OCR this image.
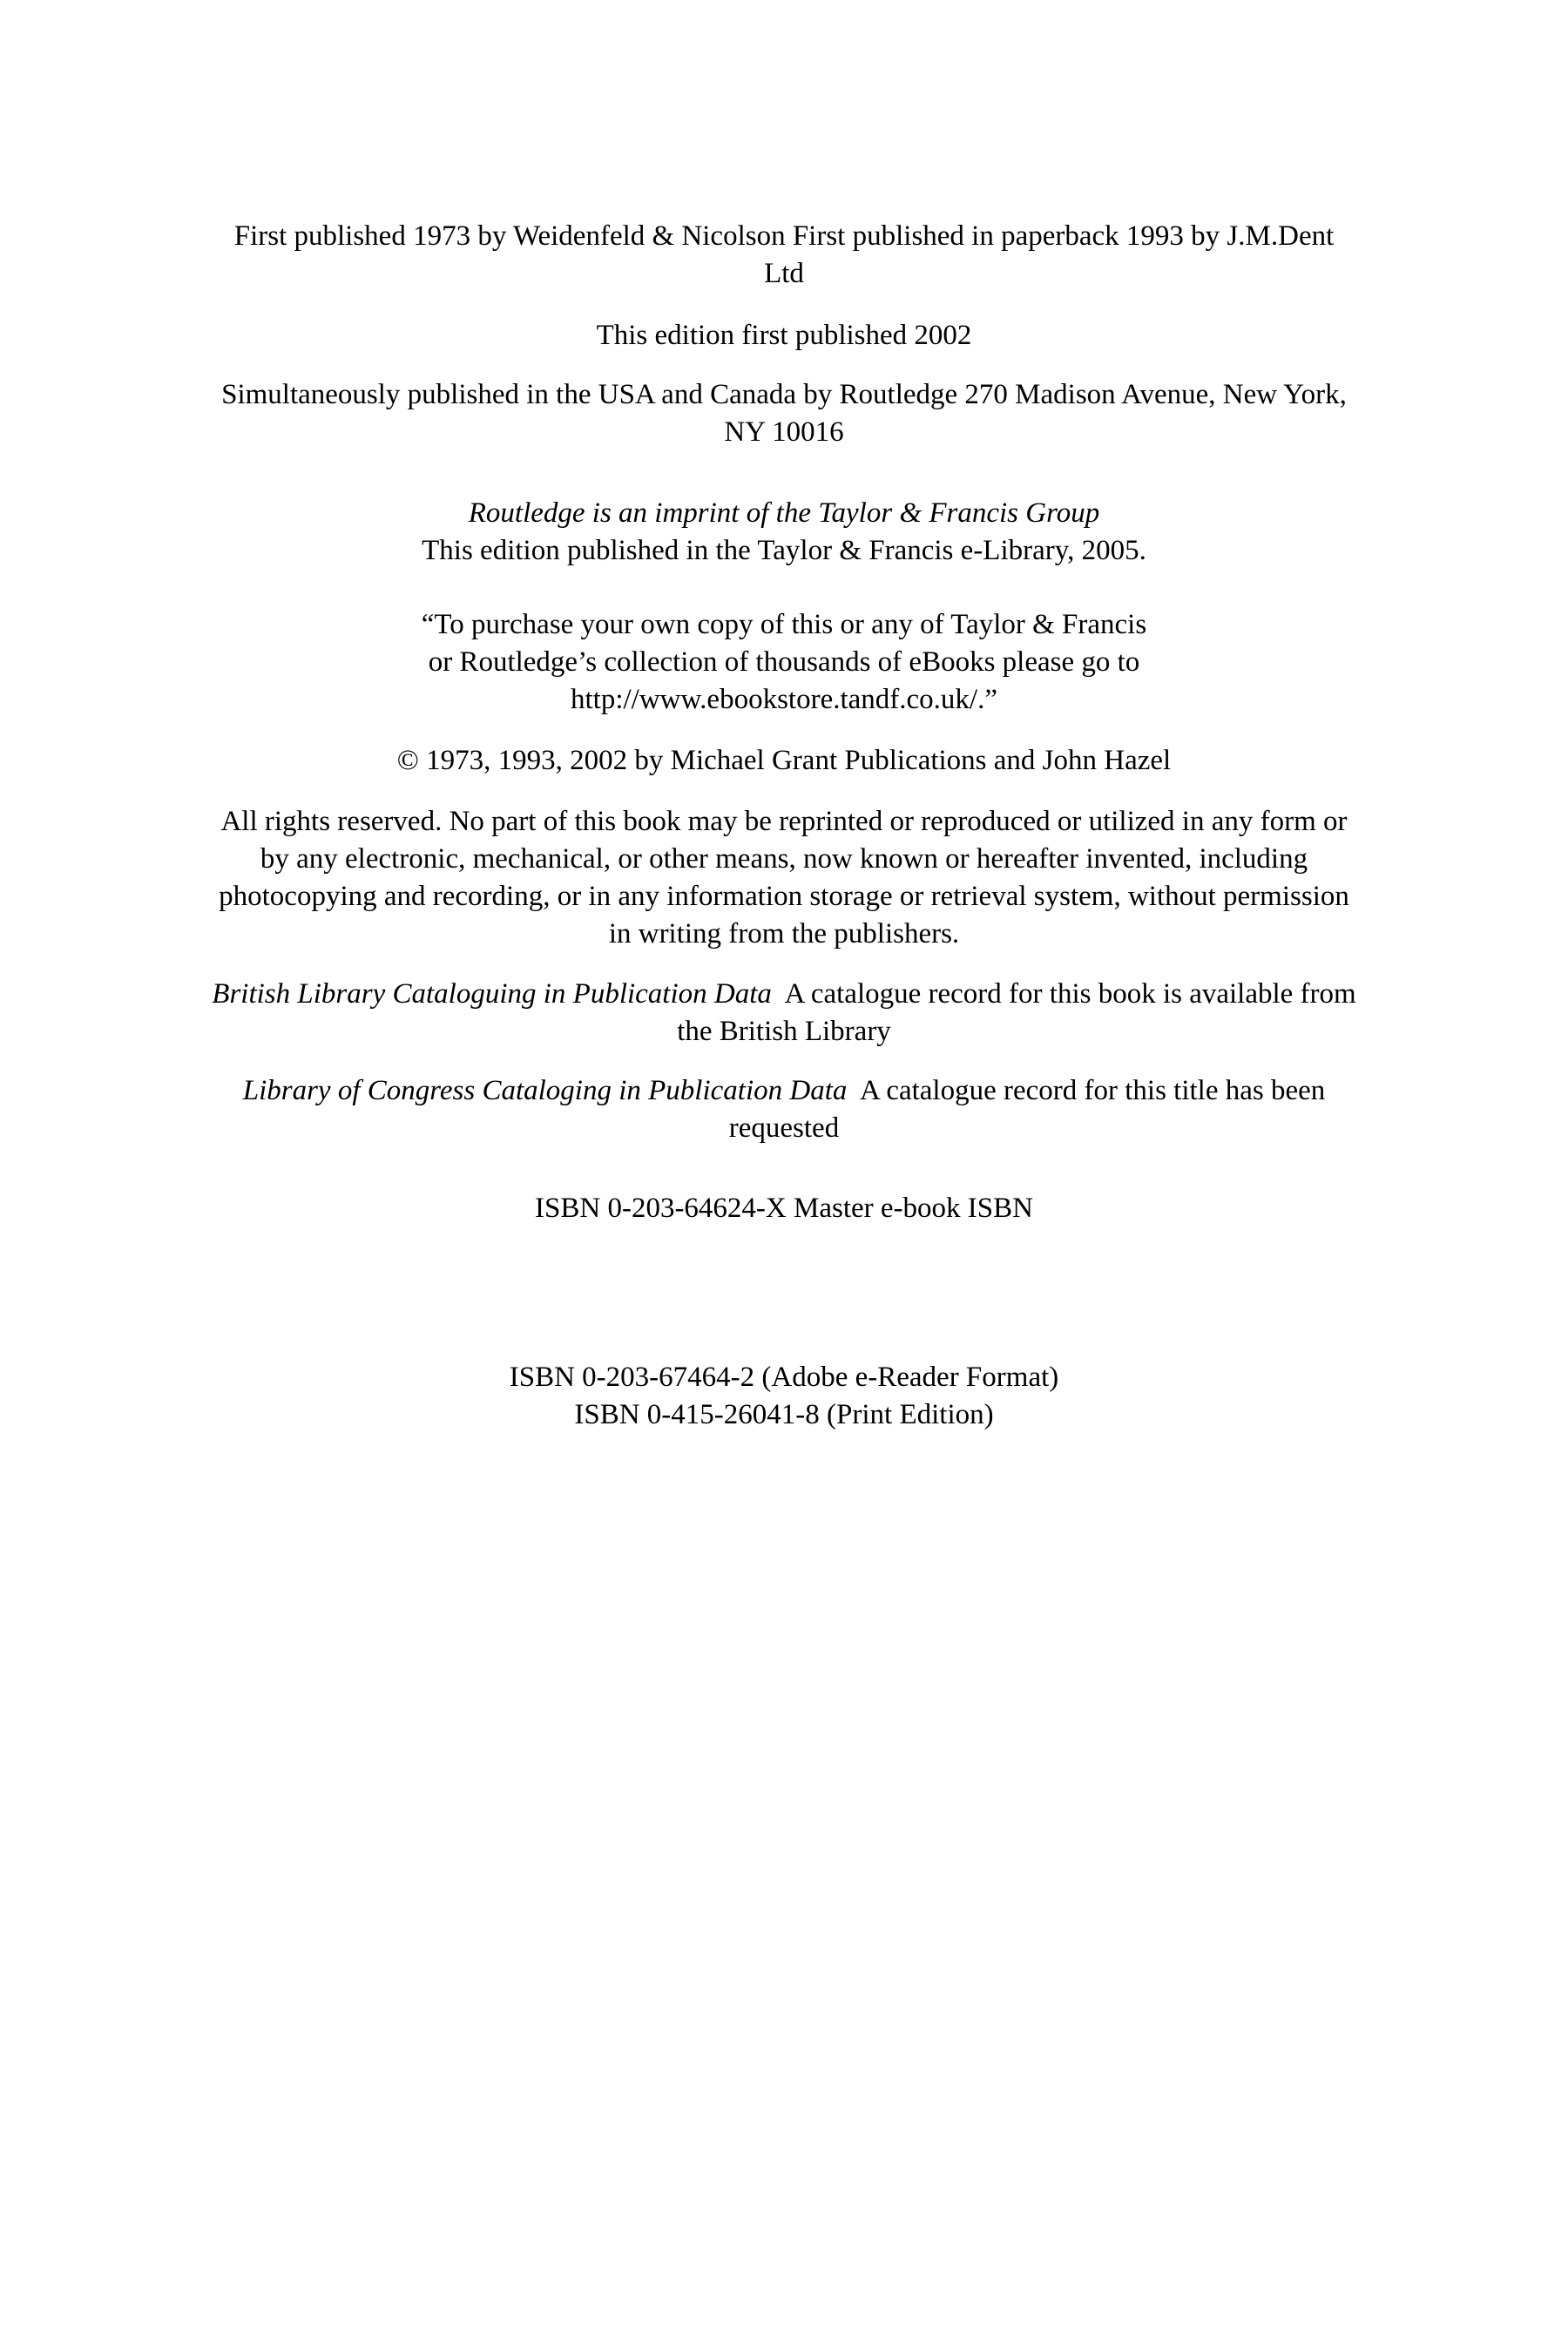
First published 1973 by Weidenfeld & Nicolson First published in paperback 1993 by J.M.Dent

Ltd

This edition first published 2002

Simultaneously published in the USA and Canada by Routledge 270 Madison Avenue, New York,

NY 10016

Routledge is an imprint of the Taylor & Francis Group

This edition published in the Taylor & Francis e-Library, 2005.

“To purchase your own copy of this or any of Taylor & Francis

or Routledge’s collection of thousands of eBooks please go to

http://www.ebookstore.tandf.co.uk/.”

© 1973, 1993, 2002 by Michael Grant Publications and John Hazel

All rights reserved. No part of this book may be reprinted or reproduced or utilized in any form or

by any electronic, mechanical, or other means, now known or hereafter invented, including

photocopying and recording, or in any information storage or retrieval system, without permission

in writing from the publishers.

British Library Cataloguing in Publication Data  A catalogue record for this book is available from

the British Library

Library of Congress Cataloging in Publication Data  A catalogue record for this title has been

requested

ISBN 0-203-64624-X Master e-book ISBN

ISBN 0-203-67464-2 (Adobe e-Reader Format)

ISBN 0-415-26041-8 (Print Edition)
